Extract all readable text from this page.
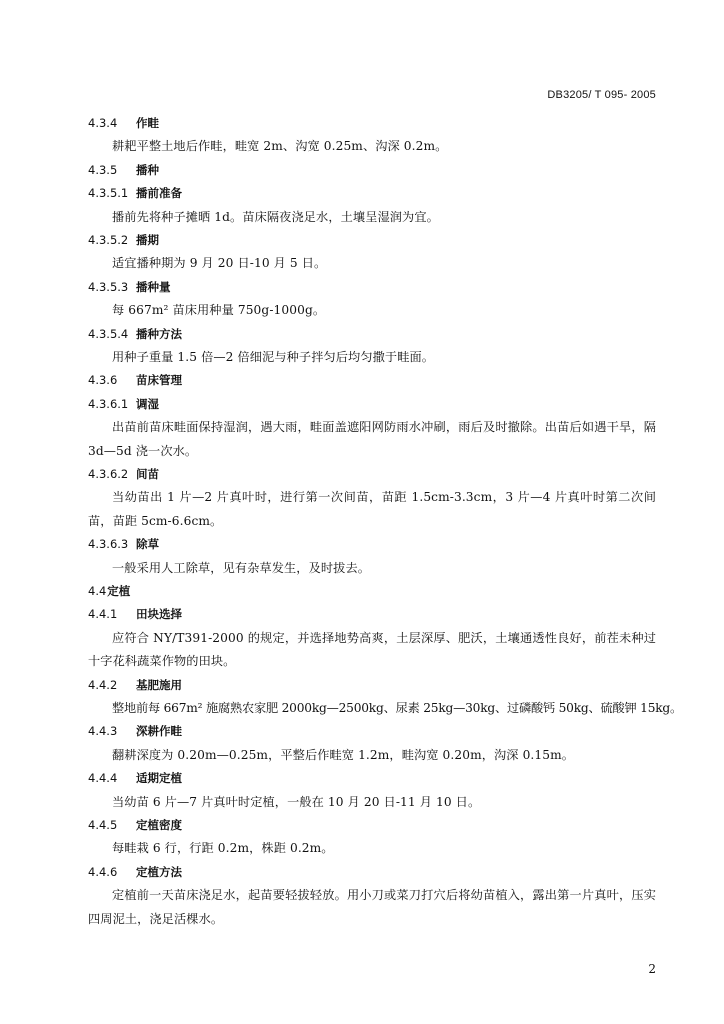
DB3205/ T 095- 2005
4.3.4 作畦
耕耙平整土地后作畦，畦宽 2m、沟宽 0.25m、沟深 0.2m。
4.3.5 播种
4.3.5.1 播前准备
播前先将种子摊晒 1d。苗床隔夜浇足水，土壤呈湿润为宜。
4.3.5.2 播期
适宜播种期为 9 月 20 日-10 月 5 日。
4.3.5.3 播种量
每 667m² 苗床用种量 750g-1000g。
4.3.5.4 播种方法
用种子重量 1.5 倍—2 倍细泥与种子拌匀后均匀撒于畦面。
4.3.6 苗床管理
4.3.6.1 调湿
出苗前苗床畦面保持湿润，遇大雨，畦面盖遮阳网防雨水冲刷，雨后及时撤除。出苗后如遇干旱，隔 3d—5d 浇一次水。
4.3.6.2 间苗
当幼苗出 1 片—2 片真叶时，进行第一次间苗，苗距 1.5cm-3.3cm，3 片—4 片真叶时第二次间苗，苗距 5cm-6.6cm。
4.3.6.3 除草
一般采用人工除草，见有杂草发生，及时拔去。
4.4定植
4.4.1 田块选择
应符合 NY/T391-2000 的规定，并选择地势高爽，土层深厚、肥沃，土壤通透性良好，前茬未种过十字花科蔬菜作物的田块。
4.4.2 基肥施用
整地前每 667m² 施腐熟农家肥 2000kg—2500kg、尿素 25kg—30kg、过磷酸钙 50kg、硫酸钾 15kg。
4.4.3 深耕作畦
翻耕深度为 0.20m—0.25m，平整后作畦宽 1.2m，畦沟宽 0.20m，沟深 0.15m。
4.4.4 适期定植
当幼苗 6 片—7 片真叶时定植，一般在 10 月 20 日-11 月 10 日。
4.4.5 定植密度
每畦栽 6 行，行距 0.2m，株距 0.2m。
4.4.6 定植方法
定植前一天苗床浇足水，起苗要轻拔轻放。用小刀或菜刀打穴后将幼苗植入，露出第一片真叶，压实四周泥土，浇足活棵水。
2
